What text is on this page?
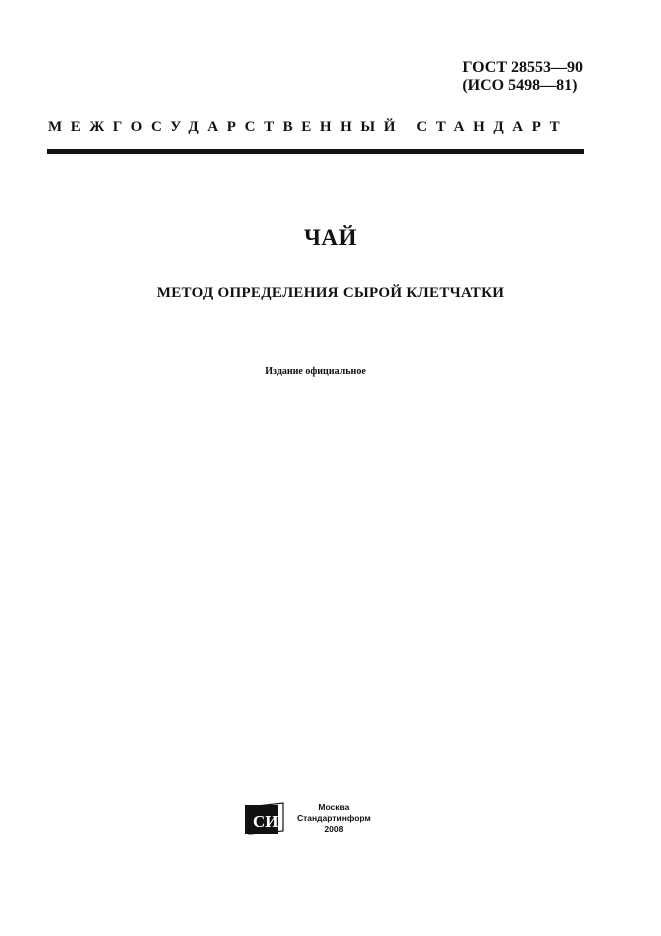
ГОСТ 28553—90
(ИСО 5498—81)
МЕЖГОСУДАРСТВЕННЫЙ СТАНДАРТ
ЧАЙ
МЕТОД ОПРЕДЕЛЕНИЯ СЫРОЙ КЛЕТЧАТКИ
Издание официальное
СИ
Москва
Стандартинформ
2008
